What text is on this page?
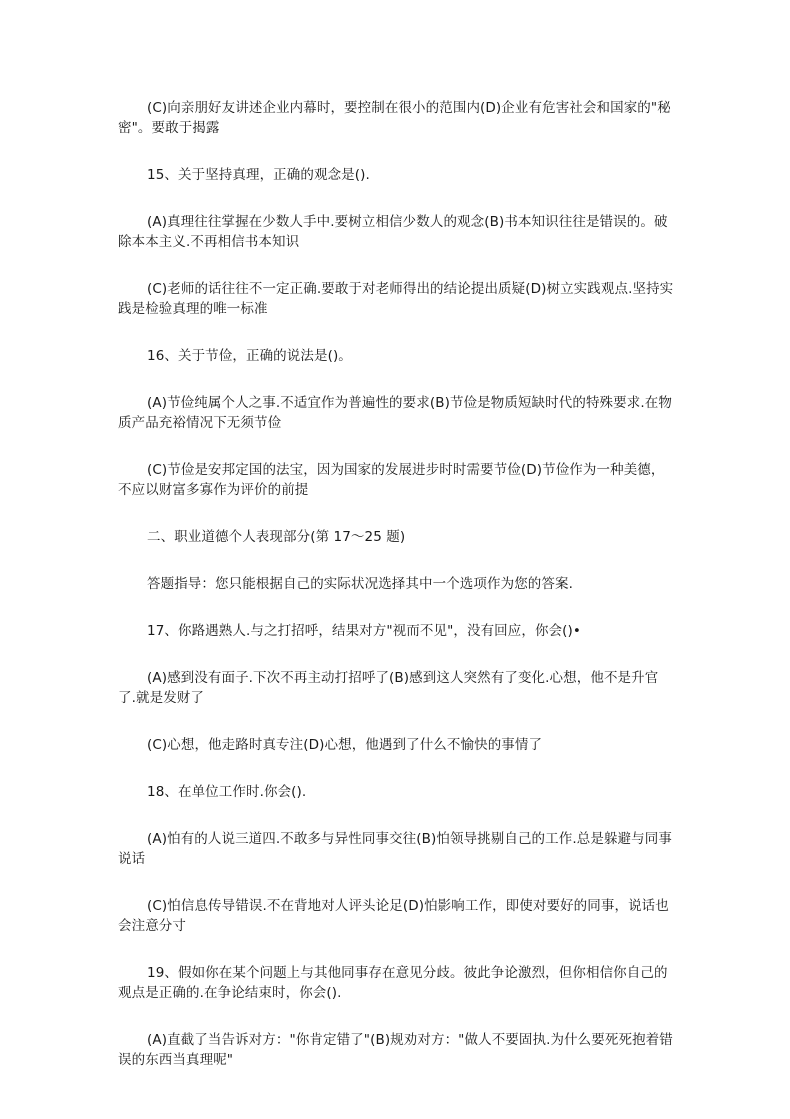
(C)向亲朋好友讲述企业内幕时，要控制在很小的范围内(D)企业有危害社会和国家的"秘密"。要敢于揭露

15、关于坚持真理，正确的观念是().

(A)真理往往掌握在少数人手中.要树立相信少数人的观念(B)书本知识往往是错误的。破除本本主义.不再相信书本知识

(C)老师的话往往不一定正确.要敢于对老师得出的结论提出质疑(D)树立实践观点.坚持实践是检验真理的唯一标准

16、关于节俭，正确的说法是()。

(A)节俭纯属个人之事.不适宜作为普遍性的要求(B)节俭是物质短缺时代的特殊要求.在物质产品充裕情况下无须节俭

(C)节俭是安邦定国的法宝，因为国家的发展进步时时需要节俭(D)节俭作为一种美德，不应以财富多寡作为评价的前提

二、职业道德个人表现部分(第 17～25 题)

答题指导：您只能根据自己的实际状况选择其中一个选项作为您的答案.

17、你路遇熟人.与之打招呼，结果对方"视而不见"，没有回应，你会()•

(A)感到没有面子.下次不再主动打招呼了(B)感到这人突然有了变化.心想，他不是升官了.就是发财了

(C)心想，他走路时真专注(D)心想，他遇到了什么不愉快的事情了

18、在单位工作时.你会().

(A)怕有的人说三道四.不敢多与异性同事交往(B)怕领导挑剔自己的工作.总是躲避与同事说话

(C)怕信息传导错误.不在背地对人评头论足(D)怕影响工作，即使对要好的同事，说话也会注意分寸

19、假如你在某个问题上与其他同事存在意见分歧。彼此争论激烈，但你相信你自己的观点是正确的.在争论结束时，你会().

(A)直截了当告诉对方："你肯定错了"(B)规劝对方："做人不要固执.为什么要死死抱着错误的东西当真理呢"
